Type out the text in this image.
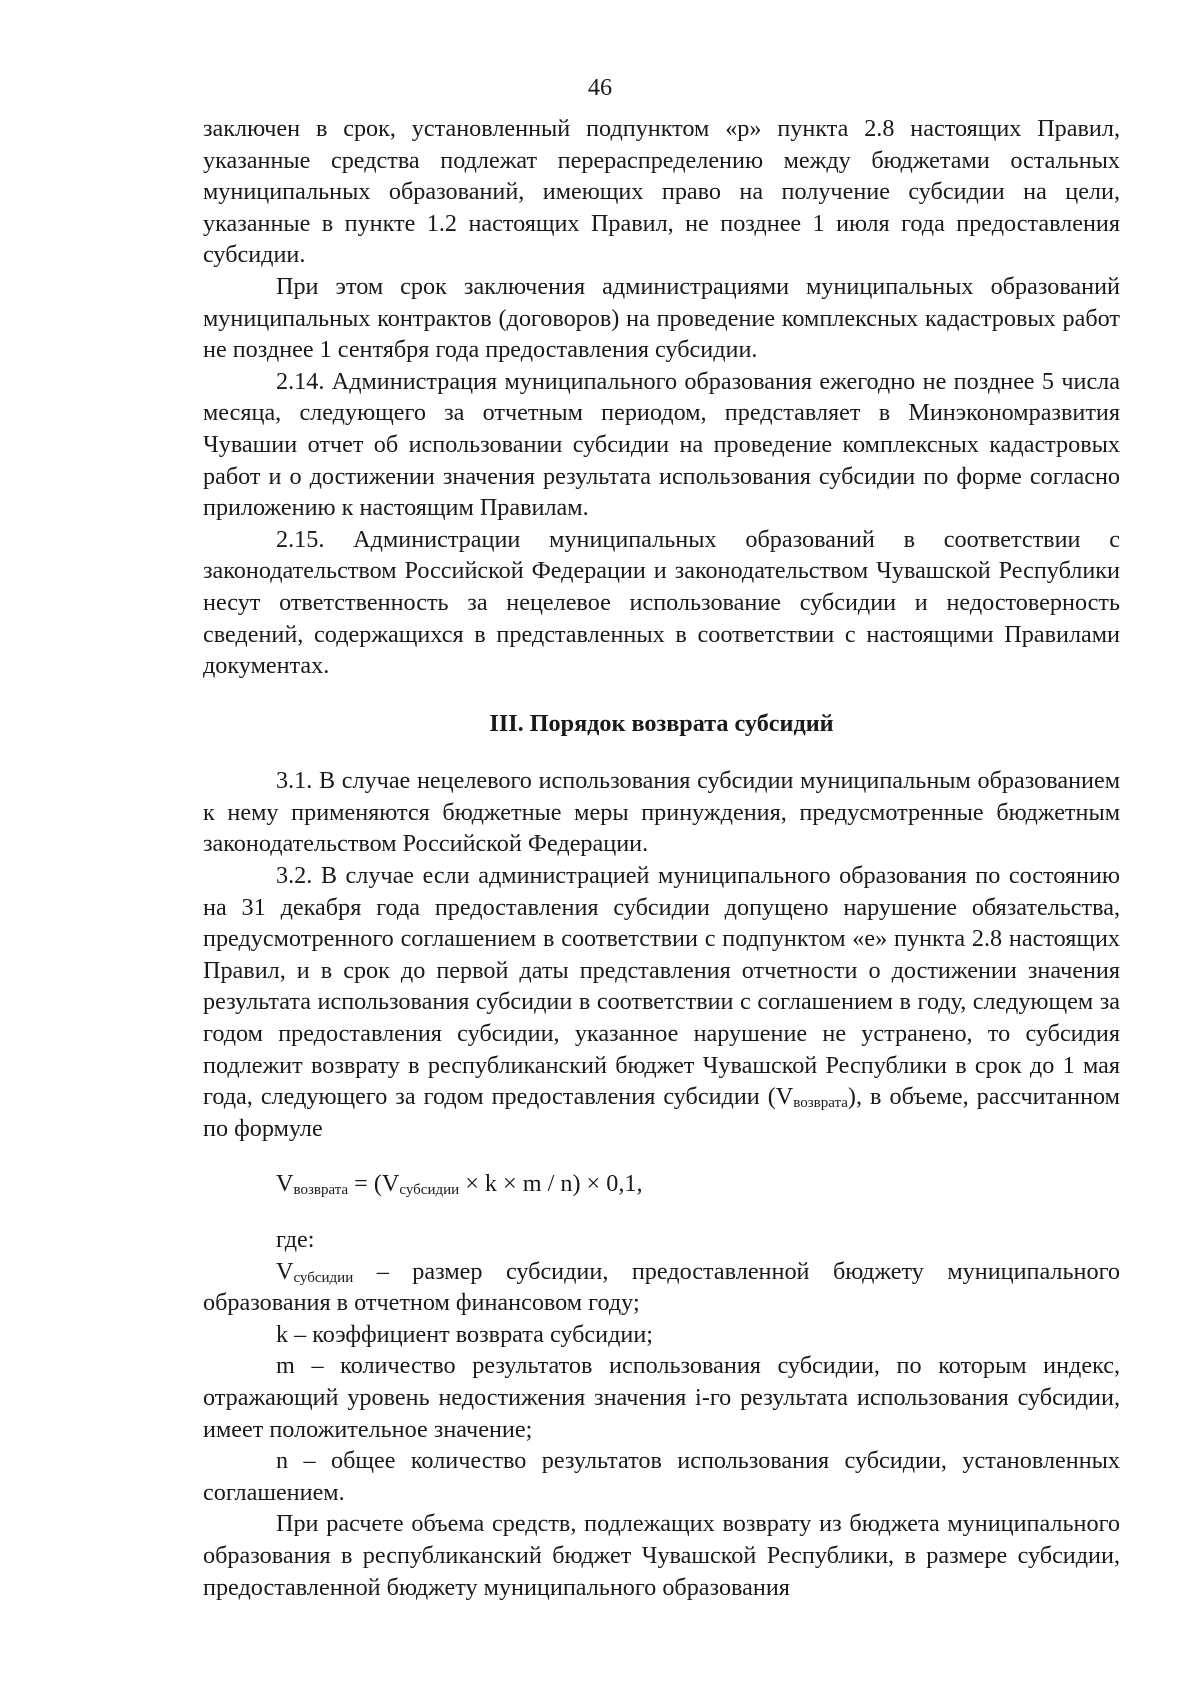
46

заключен в срок, установленный подпунктом «р» пункта 2.8 настоящих Правил, указанные средства подлежат перераспределению между бюджетами остальных муниципальных образований, имеющих право на получение субсидии на цели, указанные в пункте 1.2 настоящих Правил, не позднее 1 июля года предоставления субсидии.

При этом срок заключения администрациями муниципальных образований муниципальных контрактов (договоров) на проведение комплексных кадастровых работ не позднее 1 сентября года предоставления субсидии.

2.14. Администрация муниципального образования ежегодно не позднее 5 числа месяца, следующего за отчетным периодом, представляет в Минэкономразвития Чувашии отчет об использовании субсидии на проведение комплексных кадастровых работ и о достижении значения результата использования субсидии по форме согласно приложению к настоящим Правилам.

2.15. Администрации муниципальных образований в соответствии с законодательством Российской Федерации и законодательством Чувашской Республики несут ответственность за нецелевое использование субсидии и недостоверность сведений, содержащихся в представленных в соответствии с настоящими Правилами документах.

III. Порядок возврата субсидий

3.1. В случае нецелевого использования субсидии муниципальным образованием к нему применяются бюджетные меры принуждения, предусмотренные бюджетным законодательством Российской Федерации.

3.2. В случае если администрацией муниципального образования по состоянию на 31 декабря года предоставления субсидии допущено нарушение обязательства, предусмотренного соглашением в соответствии с подпунктом «е» пункта 2.8 настоящих Правил, и в срок до первой даты представления отчетности о достижении значения результата использования субсидии в соответствии с соглашением в году, следующем за годом предоставления субсидии, указанное нарушение не устранено, то субсидия подлежит возврату в республиканский бюджет Чувашской Республики в срок до 1 мая года, следующего за годом предоставления субсидии $(V_{возврата})$, в объеме, рассчитанном по формуле

$V_{возврата} = (V_{субсидии} \times k \times m / n) \times 0,1$,

где:

$V_{субсидии}$ – размер субсидии, предоставленной бюджету муниципального образования в отчетном финансовом году;

k – коэффициент возврата субсидии;

m – количество результатов использования субсидии, по которым индекс, отражающий уровень недостижения значения i-го результата использования субсидии, имеет положительное значение;

n – общее количество результатов использования субсидии, установленных соглашением.

При расчете объема средств, подлежащих возврату из бюджета муниципального образования в республиканский бюджет Чувашской Республики, в размере субсидии, предоставленной бюджету муниципального образования
